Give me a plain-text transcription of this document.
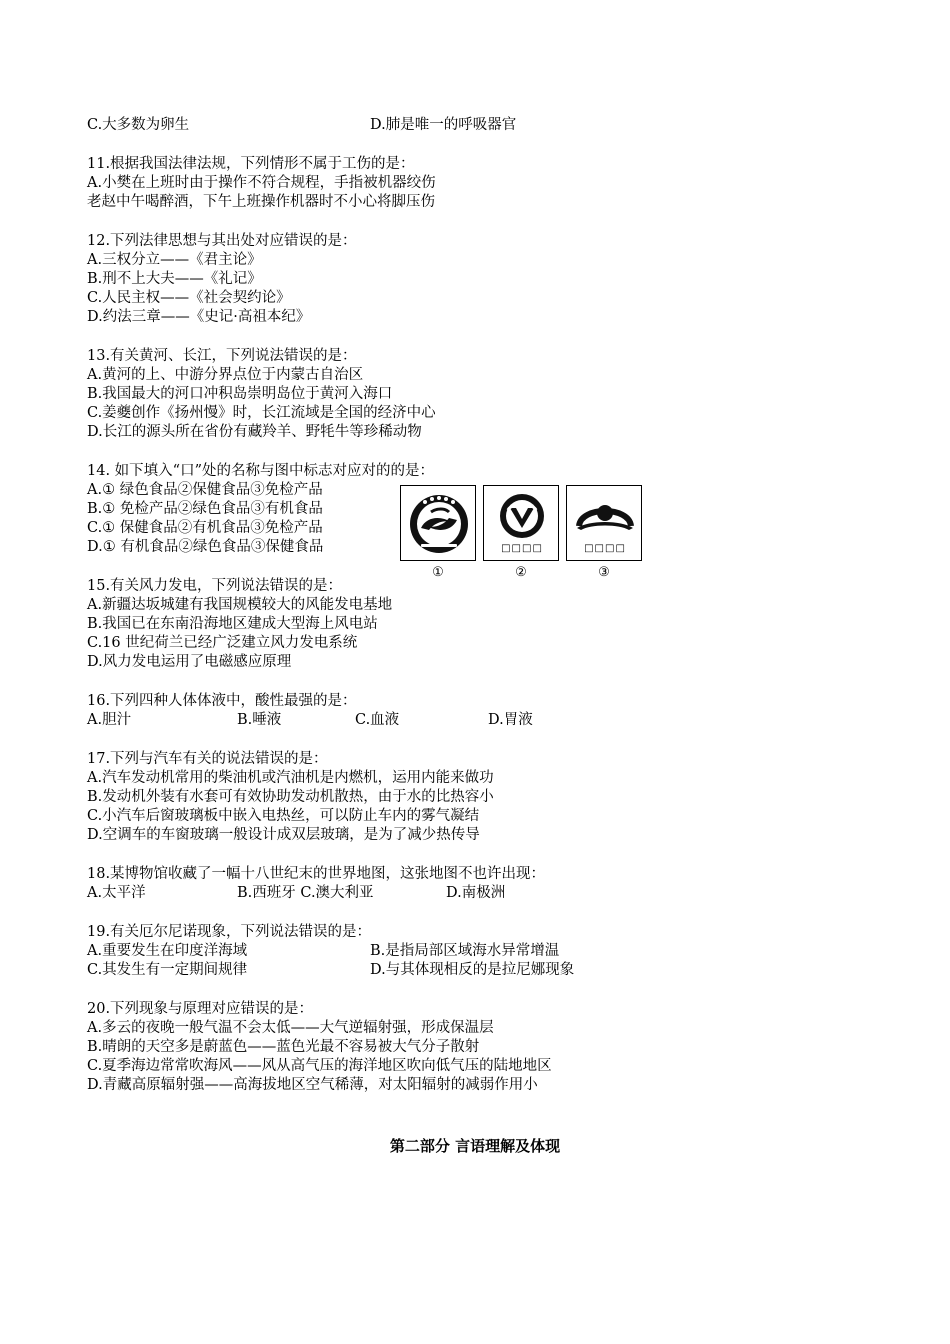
C.大多数为卵生	D.肺是唯一的呼吸器官
11.根据我国法律法规，下列情形不属于工伤的是：
A.小樊在上班时由于操作不符合规程，手指被机器绞伤
老赵中午喝醉酒，下午上班操作机器时不小心将脚压伤
12.下列法律思想与其出处对应错误的是：
A.三权分立——《君主论》
B.刑不上大夫——《礼记》
C.人民主权——《社会契约论》
D.约法三章——《史记·高祖本纪》
13.有关黄河、长江，下列说法错误的是：
A.黄河的上、中游分界点位于内蒙古自治区
B.我国最大的河口冲积岛崇明岛位于黄河入海口
C.姜夔创作《扬州慢》时，长江流域是全国的经济中心
D.长江的源头所在省份有藏羚羊、野牦牛等珍稀动物
14. 如下填入“口”处的名称与图中标志对应对的的是：
A.① 绿色食品②保健食品③免检产品
B.① 免检产品②绿色食品③有机食品
C.① 保健食品②有机食品③免检产品
D.① 有机食品②绿色食品③保健食品	□□□□	□□□□
①	②	③
15.有关风力发电，下列说法错误的是：
A.新疆达坂城建有我国规模较大的风能发电基地
B.我国已在东南沿海地区建成大型海上风电站
C.16 世纪荷兰已经广泛建立风力发电系统
D.风力发电运用了电磁感应原理
16.下列四种人体体液中，酸性最强的是：
A.胆汁	B.唾液	C.血液	D.胃液
17.下列与汽车有关的说法错误的是：
A.汽车发动机常用的柴油机或汽油机是内燃机，运用内能来做功
B.发动机外装有水套可有效协助发动机散热，由于水的比热容小
C.小汽车后窗玻璃板中嵌入电热丝，可以防止车内的雾气凝结
D.空调车的车窗玻璃一般设计成双层玻璃，是为了减少热传导
18.某博物馆收藏了一幅十八世纪末的世界地图，这张地图不也许出现：
A.太平洋	B.西班牙 C.澳大利亚	D.南极洲
19.有关厄尔尼诺现象，下列说法错误的是：
A.重要发生在印度洋海域	B.是指局部区域海水异常增温
C.其发生有一定期间规律	D.与其体现相反的是拉尼娜现象
20.下列现象与原理对应错误的是：
A.多云的夜晚一般气温不会太低——大气逆辐射强，形成保温层
B.晴朗的天空多是蔚蓝色——蓝色光最不容易被大气分子散射
C.夏季海边常常吹海风——风从高气压的海洋地区吹向低气压的陆地地区
D.青藏高原辐射强——高海拔地区空气稀薄，对太阳辐射的减弱作用小
第二部分 言语理解及体现
